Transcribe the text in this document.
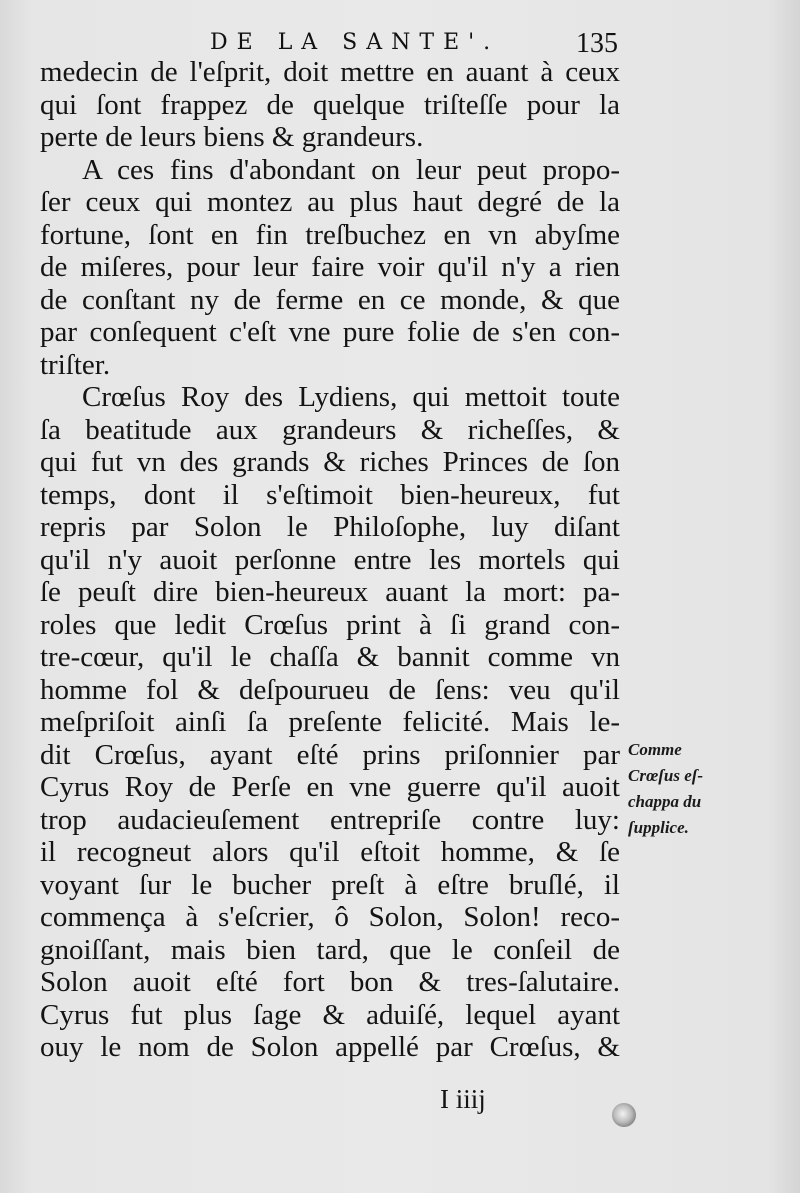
DE LA SANTE'.	135
medecin de l'eſprit, doit mettre en auant à ceux
qui ſont frappez de quelque triſteſſe pour la
perte de leurs biens & grandeurs.
A ces fins d'abondant on leur peut propo-
ſer ceux qui montez au plus haut degré de la
fortune, ſont en fin treſbuchez en vn abyſme
de miſeres, pour leur faire voir qu'il n'y a rien
de conſtant ny de ferme en ce monde, & que
par conſequent c'eſt vne pure folie de s'en con-
triſter.
Crœſus Roy des Lydiens, qui mettoit toute
ſa beatitude aux grandeurs & richeſſes, &
qui fut vn des grands & riches Princes de ſon
temps, dont il s'eſtimoit bien-heureux, fut
repris par Solon le Philoſophe, luy diſant
qu'il n'y auoit perſonne entre les mortels qui
ſe peuſt dire bien-heureux auant la mort: pa-
roles que ledit Crœſus print à ſi grand con-
tre-cœur, qu'il le chaſſa & bannit comme vn
homme fol & deſpourueu de ſens: veu qu'il
meſpriſoit ainſi ſa preſente felicité. Mais le-
dit Crœſus, ayant eſté prins priſonnier par
Cyrus Roy de Perſe en vne guerre qu'il auoit
trop audacieuſement entrepriſe contre luy:
il recogneut alors qu'il eſtoit homme, & ſe
voyant ſur le bucher preſt à eſtre bruſlé, il
commença à s'eſcrier, ô Solon, Solon! reco-
gnoiſſant, mais bien tard, que le conſeil de
Solon auoit eſté fort bon & tres-ſalutaire.
Cyrus fut plus ſage & aduiſé, lequel ayant
ouy le nom de Solon appellé par Crœſus, &
Comme
Crœſus eſ-
chappa du
ſupplice.
I iiij
